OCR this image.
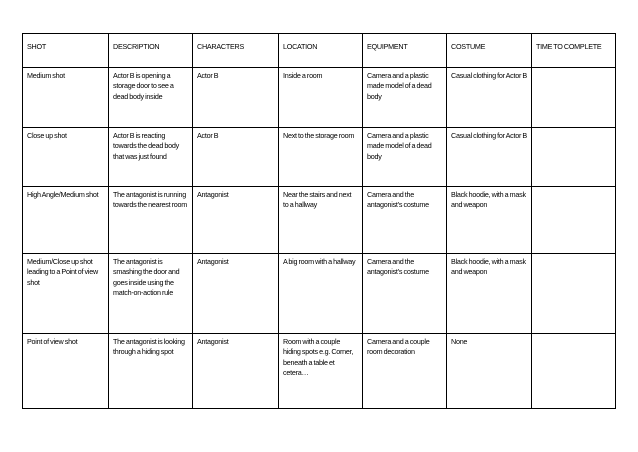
SHOT	DESCRIPTION	CHARACTERS	LOCATION	EQUIPMENT	COSTUME	TIME TO COMPLETE
Medium shot	Actor B is opening a storage door to see a dead body inside	Actor B	Inside a room	Camera and a plastic made model of a dead body	Casual clothing for Actor B	
Close up shot	Actor B is reacting towards the dead body that was just found	Actor B	Next to the storage room	Camera and a plastic made model of a dead body	Casual clothing for Actor B	
High Angle/Medium shot	The antagonist is running towards the nearest room	Antagonist	Near the stairs and next to a hallway	Camera and the antagonist’s costume	Black hoodie, with a mask and weapon	
Medium/Close up shot leading to a Point of view shot	The antagonist is smashing the door and goes inside using the match-on-action rule	Antagonist	A big room with a hallway	Camera and the antagonist’s costume	Black hoodie, with a mask and weapon	
Point of view shot	The antagonist is looking through a hiding spot	Antagonist	Room with a couple hiding spots e.g. Corner, beneath a table et cetera…	Camera and a couple room decoration	None	
